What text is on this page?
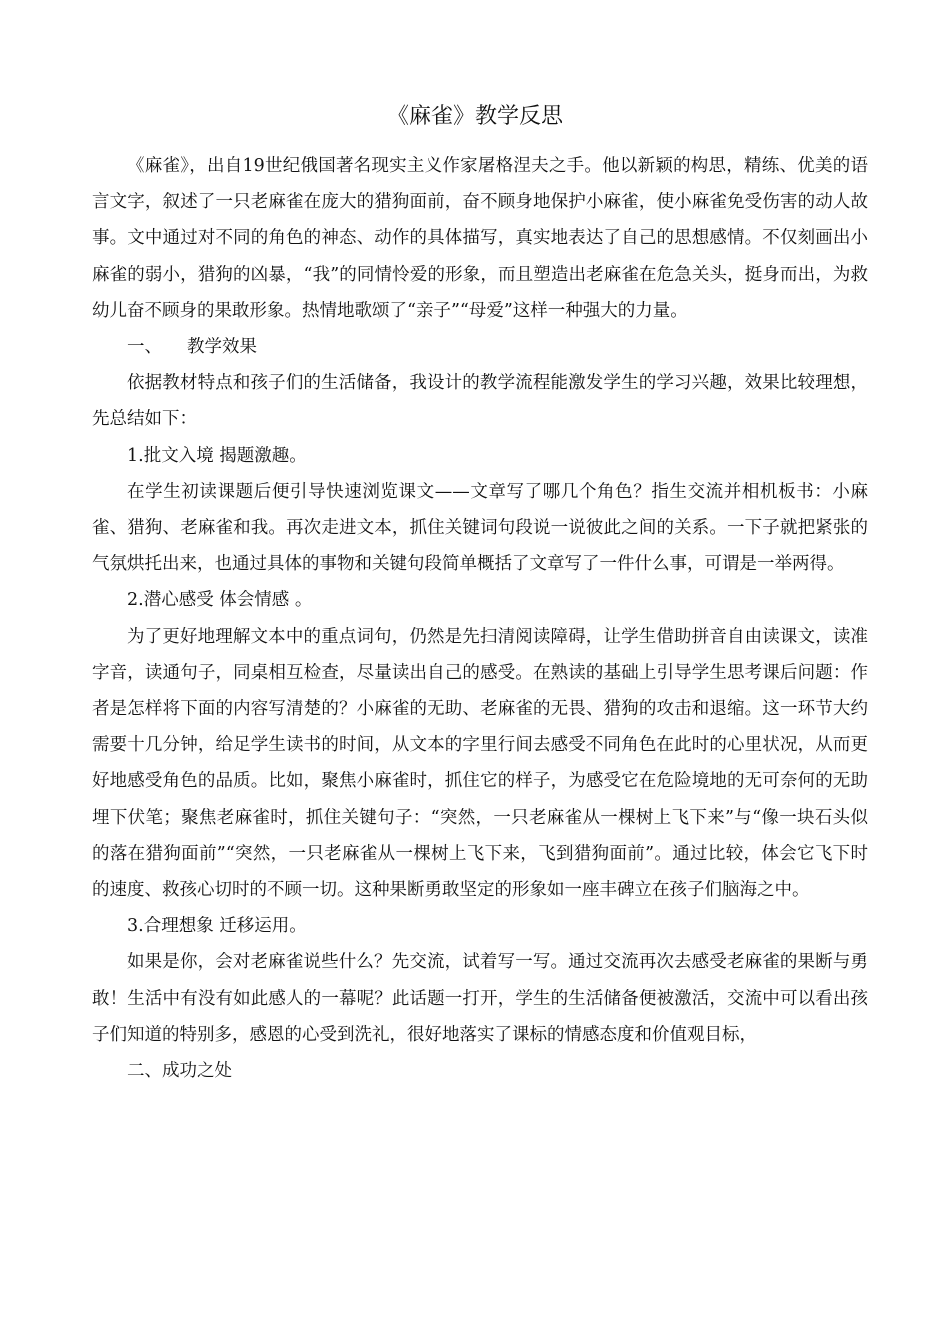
《麻雀》教学反思

《麻雀》，出自19世纪俄国著名现实主义作家屠格涅夫之手。他以新颖的构思，精练、优美的语言文字，叙述了一只老麻雀在庞大的猎狗面前，奋不顾身地保护小麻雀，使小麻雀免受伤害的动人故事。文中通过对不同的角色的神态、动作的具体描写，真实地表达了自己的思想感情。不仅刻画出小麻雀的弱小，猎狗的凶暴，“我”的同情怜爱的形象，而且塑造出老麻雀在危急关头，挺身而出，为救幼儿奋不顾身的果敢形象。热情地歌颂了“亲子”“母爱”这样一种强大的力量。

一、 教学效果

依据教材特点和孩子们的生活储备，我设计的教学流程能激发学生的学习兴趣，效果比较理想，先总结如下：

1.批文入境 揭题激趣。

在学生初读课题后便引导快速浏览课文——文章写了哪几个角色？指生交流并相机板书：小麻雀、猎狗、老麻雀和我。再次走进文本，抓住关键词句段说一说彼此之间的关系。一下子就把紧张的气氛烘托出来，也通过具体的事物和关键句段简单概括了文章写了一件什么事，可谓是一举两得。

2.潜心感受 体会情感 。

为了更好地理解文本中的重点词句，仍然是先扫清阅读障碍，让学生借助拼音自由读课文，读准字音，读通句子，同桌相互检查，尽量读出自己的感受。在熟读的基础上引导学生思考课后问题：作者是怎样将下面的内容写清楚的？小麻雀的无助、老麻雀的无畏、猎狗的攻击和退缩。这一环节大约需要十几分钟，给足学生读书的时间，从文本的字里行间去感受不同角色在此时的心里状况，从而更好地感受角色的品质。比如，聚焦小麻雀时，抓住它的样子，为感受它在危险境地的无可奈何的无助埋下伏笔；聚焦老麻雀时，抓住关键句子：“突然，一只老麻雀从一棵树上飞下来”与“像一块石头似的落在猎狗面前”“突然，一只老麻雀从一棵树上飞下来，飞到猎狗面前”。通过比较，体会它飞下时的速度、救孩心切时的不顾一切。这种果断勇敢坚定的形象如一座丰碑立在孩子们脑海之中。

3.合理想象 迁移运用。

如果是你，会对老麻雀说些什么？先交流，试着写一写。通过交流再次去感受老麻雀的果断与勇敢！生活中有没有如此感人的一幕呢？此话题一打开，学生的生活储备便被激活，交流中可以看出孩子们知道的特别多，感恩的心受到洗礼，很好地落实了课标的情感态度和价值观目标，

二、成功之处
